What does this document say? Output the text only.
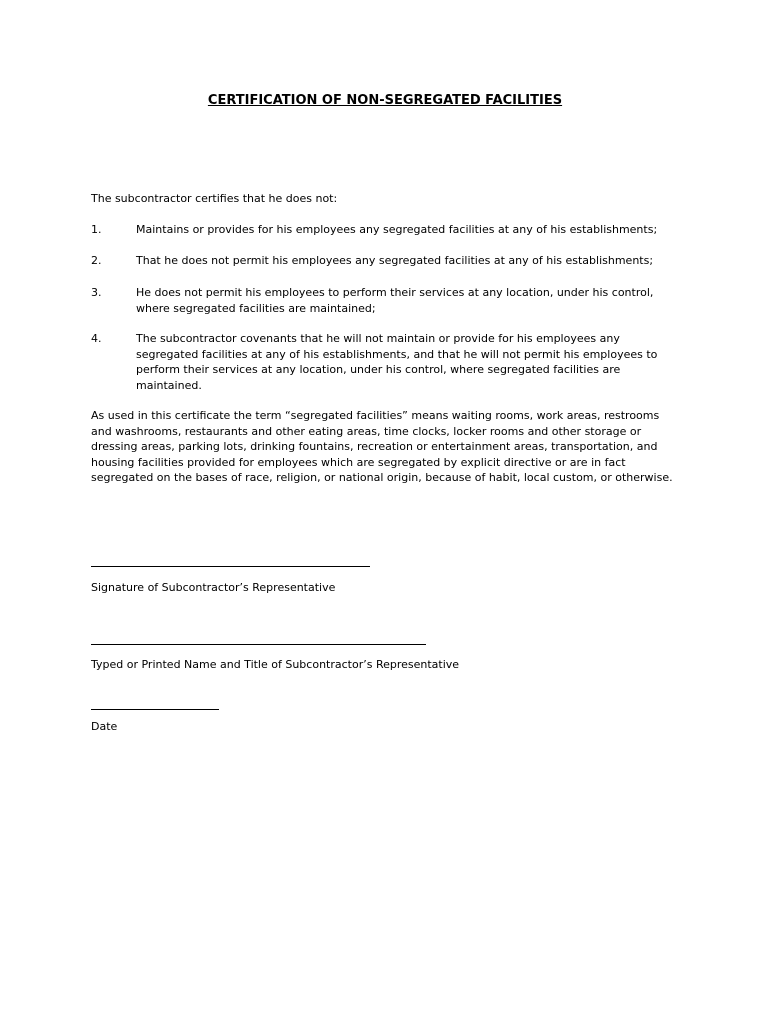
CERTIFICATION OF NON-SEGREGATED FACILITIES
The subcontractor certifies that he does not:
1.	Maintains or provides for his employees any segregated facilities at any of his establishments;
2.	That he does not permit his employees any segregated facilities at any of his establishments;
3.	He does not permit his employees to perform their services at any location, under his control,
where segregated facilities are maintained;
4.	The subcontractor covenants that he will not maintain or provide for his employees any
segregated facilities at any of his establishments, and that he will not permit his employees to
perform their services at any location, under his control, where segregated facilities are
maintained.
As used in this certificate the term “segregated facilities” means waiting rooms, work areas, restrooms
and washrooms, restaurants and other eating areas, time clocks, locker rooms and other storage or
dressing areas, parking lots, drinking fountains, recreation or entertainment areas, transportation, and
housing facilities provided for employees which are segregated by explicit directive or are in fact
segregated on the bases of race, religion, or national origin, because of habit, local custom, or otherwise.
Signature of Subcontractor’s Representative
Typed or Printed Name and Title of Subcontractor’s Representative
Date
